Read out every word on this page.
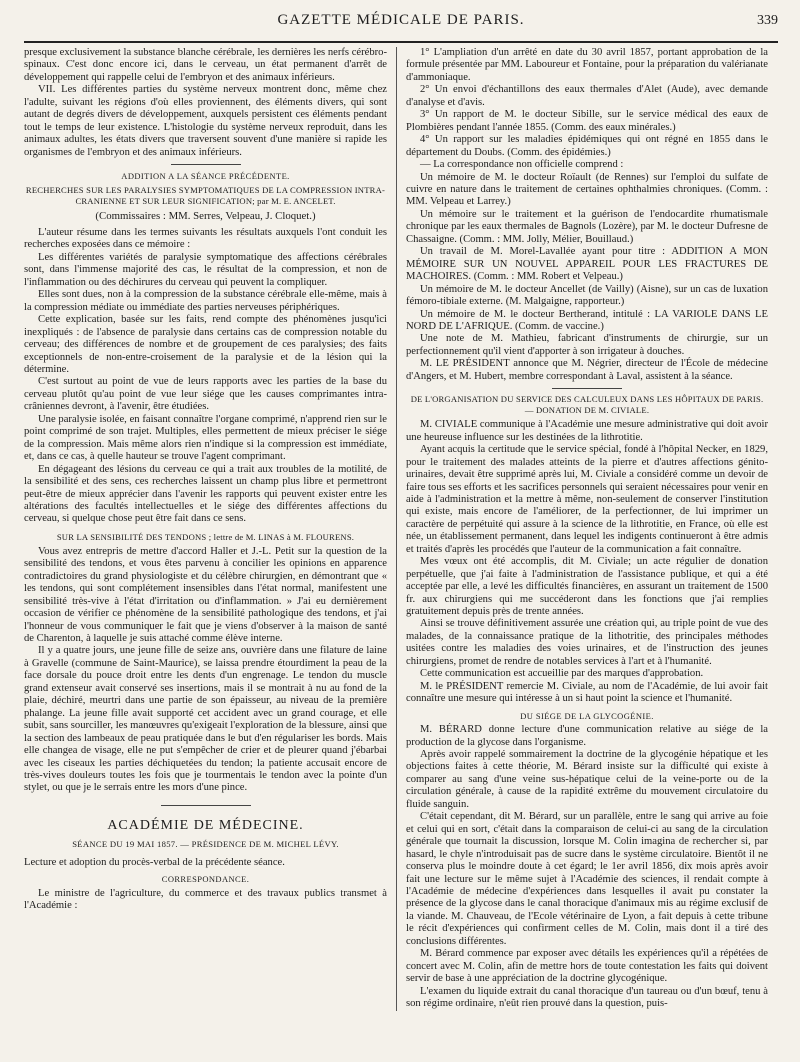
GAZETTE MÉDICALE DE PARIS.	339

presque exclusivement la substance blanche cérébrale, les dernières les nerfs cérébro-spinaux. C'est donc encore ici, dans le cerveau, un état permanent d'arrêt de développement qui rappelle celui de l'embryon et des animaux inférieurs.

VII. Les différentes parties du système nerveux montrent donc, même chez l'adulte, suivant les régions d'où elles proviennent, des éléments divers, qui sont autant de degrés divers de développement, auxquels persistent ces éléments pendant tout le temps de leur existence. L'histologie du système nerveux reproduit, dans les animaux adultes, les états divers que traversent souvent d'une manière si rapide les organismes de l'embryon et des animaux inférieurs.

ADDITION A LA SÉANCE PRÉCÉDENTE.

RECHERCHES SUR LES PARALYSIES SYMPTOMATIQUES DE LA COMPRESSION INTRA-CRANIENNE ET SUR LEUR SIGNIFICATION; par M. E. ANCELET.

(Commissaires : MM. Serres, Velpeau, J. Cloquet.)

L'auteur résume dans les termes suivants les résultats auxquels l'ont conduit les recherches exposées dans ce mémoire :

Les différentes variétés de paralysie symptomatique des affections cérébrales sont, dans l'immense majorité des cas, le résultat de la compression, et non de l'inflammation ou des déchirures du cerveau qui peuvent la compliquer.

Elles sont dues, non à la compression de la substance cérébrale elle-même, mais à la compression médiate ou immédiate des parties nerveuses périphériques.

Cette explication, basée sur les faits, rend compte des phénomènes jusqu'ici inexpliqués : de l'absence de paralysie dans certains cas de compression notable du cerveau; des différences de nombre et de groupement de ces paralysies; des faits exceptionnels de non-entre-croisement de la paralysie et de la lésion qui la détermine.

C'est surtout au point de vue de leurs rapports avec les parties de la base du cerveau plutôt qu'au point de vue leur siége que les causes comprimantes intra-crâniennes devront, à l'avenir, être étudiées.

Une paralysie isolée, en faisant connaître l'organe comprimé, n'apprend rien sur le point comprimé de son trajet. Multiples, elles permettent de mieux préciser le siége de la compression. Mais même alors rien n'indique si la compression est immédiate, et, dans ce cas, à quelle hauteur se trouve l'agent comprimant.

En dégageant des lésions du cerveau ce qui a trait aux troubles de la motilité, de la sensibilité et des sens, ces recherches laissent un champ plus libre et permettront peut-être de mieux apprécier dans l'avenir les rapports qui peuvent exister entre les altérations des facultés intellectuelles et le siége des différentes affections du cerveau, si quelque chose peut être fait dans ce sens.

SUR LA SENSIBILITÉ DES TENDONS ; lettre de M. LINAS à M. FLOURENS.

Vous avez entrepris de mettre d'accord Haller et J.-L. Petit sur la question de la sensibilité des tendons, et vous êtes parvenu à concilier les opinions en apparence contradictoires du grand physiologiste et du célèbre chirurgien, en démontrant que « les tendons, qui sont complétement insensibles dans l'état normal, manifestent une sensibilité très-vive à l'état d'irritation ou d'inflammation. » J'ai eu dernièrement occasion de vérifier ce phénomène de la sensibilité pathologique des tendons, et j'ai l'honneur de vous communiquer le fait que je viens d'observer à la maison de santé de Charenton, à laquelle je suis attaché comme élève interne.

Il y a quatre jours, une jeune fille de seize ans, ouvrière dans une filature de laine à Gravelle (commune de Saint-Maurice), se laissa prendre étourdiment la peau de la face dorsale du pouce droit entre les dents d'un engrenage. Le tendon du muscle grand extenseur avait conservé ses insertions, mais il se montrait à nu au fond de la plaie, déchiré, meurtri dans une partie de son épaisseur, au niveau de la première phalange. La jeune fille avait supporté cet accident avec un grand courage, et elle subit, sans sourciller, les manœuvres qu'exigeait l'exploration de la blessure, ainsi que la section des lambeaux de peau pratiquée dans le but d'en régulariser les bords. Mais elle changea de visage, elle ne put s'empêcher de crier et de pleurer quand j'ébarbai avec les ciseaux les parties déchiquetées du tendon; la patiente accusait encore de très-vives douleurs toutes les fois que je tourmentais le tendon avec la pointe d'un stylet, ou que je le serrais entre les mors d'une pince.

ACADÉMIE DE MÉDECINE.

SÉANCE DU 19 MAI 1857. — PRÉSIDENCE DE M. MICHEL LÉVY.

Lecture et adoption du procès-verbal de la précédente séance.

CORRESPONDANCE.

Le ministre de l'agriculture, du commerce et des travaux publics transmet à l'Académie :

1° L'ampliation d'un arrêté en date du 30 avril 1857, portant approbation de la formule présentée par MM. Laboureur et Fontaine, pour la préparation du valérianate d'ammoniaque.

2° Un envoi d'échantillons des eaux thermales d'Alet (Aude), avec demande d'analyse et d'avis.

3° Un rapport de M. le docteur Sibille, sur le service médical des eaux de Plombières pendant l'année 1855. (Comm. des eaux minérales.)

4° Un rapport sur les maladies épidémiques qui ont régné en 1855 dans le département du Doubs. (Comm. des épidémies.)

— La correspondance non officielle comprend :

Un mémoire de M. le docteur Roïault (de Rennes) sur l'emploi du sulfate de cuivre en nature dans le traitement de certaines ophthalmies chroniques. (Comm. : MM. Velpeau et Larrey.)

Un mémoire sur le traitement et la guérison de l'endocardite rhumatismale chronique par les eaux thermales de Bagnols (Lozère), par M. le docteur Dufresne de Chassaigne. (Comm. : MM. Jolly, Mélier, Bouillaud.)

Un travail de M. Morel-Lavallée ayant pour titre : ADDITION A MON MÉMOIRE SUR UN NOUVEL APPAREIL POUR LES FRACTURES DE MACHOIRES. (Comm. : MM. Robert et Velpeau.)

Un mémoire de M. le docteur Ancellet (de Vailly) (Aisne), sur un cas de luxation fémoro-tibiale externe. (M. Malgaigne, rapporteur.)

Un mémoire de M. le docteur Bertherand, intitulé : LA VARIOLE DANS LE NORD DE L'AFRIQUE. (Comm. de vaccine.)

Une note de M. Mathieu, fabricant d'instruments de chirurgie, sur un perfectionnement qu'il vient d'apporter à son irrigateur à douches.

M. LE PRÉSIDENT annonce que M. Négrier, directeur de l'École de médecine d'Angers, et M. Hubert, membre correspondant à Laval, assistent à la séance.

DE L'ORGANISATION DU SERVICE DES CALCULEUX DANS LES HÔPITAUX DE PARIS. — DONATION DE M. CIVIALE.

M. CIVIALE communique à l'Académie une mesure administrative qui doit avoir une heureuse influence sur les destinées de la lithrotitie.

Ayant acquis la certitude que le service spécial, fondé à l'hôpital Necker, en 1829, pour le traitement des malades atteints de la pierre et d'autres affections génito-urinaires, devait être supprimé après lui, M. Civiale a considéré comme un devoir de faire tous ses efforts et les sacrifices personnels qui seraient nécessaires pour venir en aide à l'administration et la mettre à même, non-seulement de conserver l'institution qui existe, mais encore de l'améliorer, de la perfectionner, de lui imprimer un caractère de perpétuité qui assure à la science de la lithrotitie, en France, où elle est née, un établissement permanent, dans lequel les indigents continueront à être admis et traités d'après les procédés que l'auteur de la communication a fait connaître.

Mes vœux ont été accomplis, dit M. Civiale; un acte régulier de donation perpétuelle, que j'ai faite à l'administration de l'assistance publique, et qui a été acceptée par elle, a levé les difficultés financières, en assurant un traitement de 1500 fr. aux chirurgiens qui me succéderont dans les fonctions que j'ai remplies gratuitement depuis près de trente années.

Ainsi se trouve définitivement assurée une création qui, au triple point de vue des malades, de la connaissance pratique de la lithotritie, des principales méthodes usitées contre les maladies des voies urinaires, et de l'instruction des jeunes chirurgiens, promet de rendre de notables services à l'art et à l'humanité.

Cette communication est accueillie par des marques d'approbation.

M. le PRÉSIDENT remercie M. Civiale, au nom de l'Académie, de lui avoir fait connaître une mesure qui intéresse à un si haut point la science et l'humanité.

DU SIÉGE DE LA GLYCOGÉNIE.

M. BÉRARD donne lecture d'une communication relative au siége de la production de la glycose dans l'organisme.

Après avoir rappelé sommairement la doctrine de la glycogénie hépatique et les objections faites à cette théorie, M. Bérard insiste sur la difficulté qui existe à comparer au sang d'une veine sus-hépatique celui de la veine-porte ou de la circulation générale, à cause de la rapidité extrême du mouvement circulatoire du fluide sanguin.

C'était cependant, dit M. Bérard, sur un parallèle, entre le sang qui arrive au foie et celui qui en sort, c'était dans la comparaison de celui-ci au sang de la circulation générale que tournait la discussion, lorsque M. Colin imagina de rechercher si, par hasard, le chyle n'introduisait pas de sucre dans le système circulatoire. Bientôt il ne conserva plus le moindre doute à cet égard; le 1er avril 1856, dix mois après avoir fait une lecture sur le même sujet à l'Académie des sciences, il rendait compte à l'Académie de médecine d'expériences dans lesquelles il avait pu constater la présence de la glycose dans le canal thoracique d'animaux mis au régime exclusif de la viande. M. Chauveau, de l'Ecole vétérinaire de Lyon, a fait depuis à cette tribune le récit d'expériences qui confirment celles de M. Colin, mais dont il a tiré des conclusions différentes.

M. Bérard commence par exposer avec détails les expériences qu'il a répétées de concert avec M. Colin, afin de mettre hors de toute contestation les faits qui doivent servir de base à une appréciation de la doctrine glycogénique.

L'examen du liquide extrait du canal thoracique d'un taureau ou d'un bœuf, tenu à son régime ordinaire, n'eût rien prouvé dans la question, puis-
